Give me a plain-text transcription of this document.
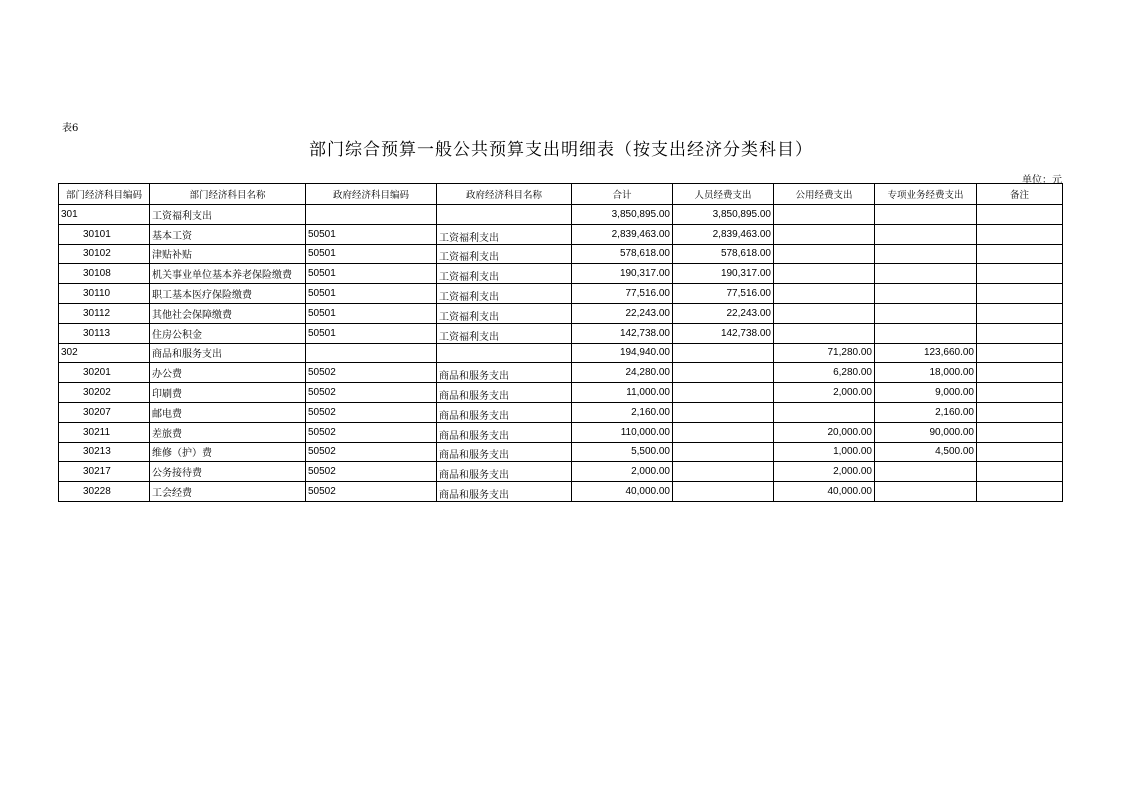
表6
部门综合预算一般公共预算支出明细表（按支出经济分类科目）
单位：元
部门经济科目编码	部门经济科目名称	政府经济科目编码	政府经济科目名称	合计	人员经费支出	公用经费支出	专项业务经费支出	备注
301	工资福利支出			3,850,895.00	3,850,895.00			
30101	基本工资	50501	工资福利支出	2,839,463.00	2,839,463.00			
30102	津贴补贴	50501	工资福利支出	578,618.00	578,618.00			
30108	机关事业单位基本养老保险缴费	50501	工资福利支出	190,317.00	190,317.00			
30110	职工基本医疗保险缴费	50501	工资福利支出	77,516.00	77,516.00			
30112	其他社会保障缴费	50501	工资福利支出	22,243.00	22,243.00			
30113	住房公积金	50501	工资福利支出	142,738.00	142,738.00			
302	商品和服务支出			194,940.00		71,280.00	123,660.00	
30201	办公费	50502	商品和服务支出	24,280.00		6,280.00	18,000.00	
30202	印刷费	50502	商品和服务支出	11,000.00		2,000.00	9,000.00	
30207	邮电费	50502	商品和服务支出	2,160.00			2,160.00	
30211	差旅费	50502	商品和服务支出	110,000.00		20,000.00	90,000.00	
30213	维修（护）费	50502	商品和服务支出	5,500.00		1,000.00	4,500.00	
30217	公务接待费	50502	商品和服务支出	2,000.00		2,000.00		
30228	工会经费	50502	商品和服务支出	40,000.00		40,000.00		
